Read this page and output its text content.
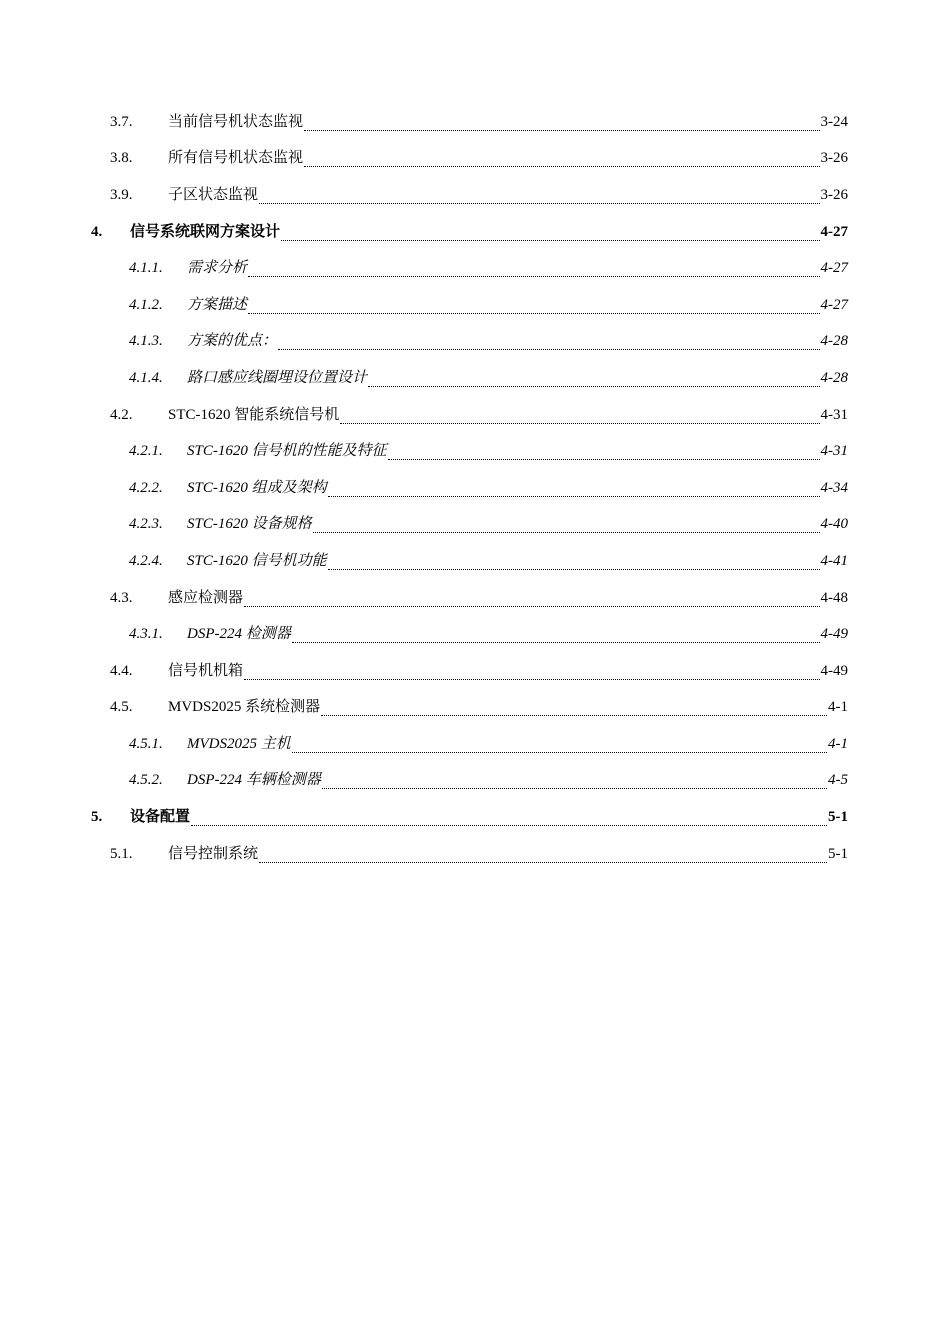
3.7.	当前信号机状态监视	3-24
3.8.	所有信号机状态监视	3-26
3.9.	子区状态监视	3-26
4.	信号系统联网方案设计	4-27
4.1.1.	需求分析	4-27
4.1.2.	方案描述	4-27
4.1.3.	方案的优点：	4-28
4.1.4.	路口感应线圈埋设位置设计	4-28
4.2.	STC-1620 智能系统信号机	4-31
4.2.1.	STC-1620 信号机的性能及特征	4-31
4.2.2.	STC-1620 组成及架构	4-34
4.2.3.	STC-1620 设备规格	4-40
4.2.4.	STC-1620 信号机功能	4-41
4.3.	感应检测器	4-48
4.3.1.	DSP-224 检测器	4-49
4.4.	信号机机箱	4-49
4.5.	MVDS2025 系统检测器	4-1
4.5.1.	MVDS2025 主机	4-1
4.5.2.	DSP-224 车辆检测器	4-5
5.	设备配置	5-1
5.1.	信号控制系统	5-1
